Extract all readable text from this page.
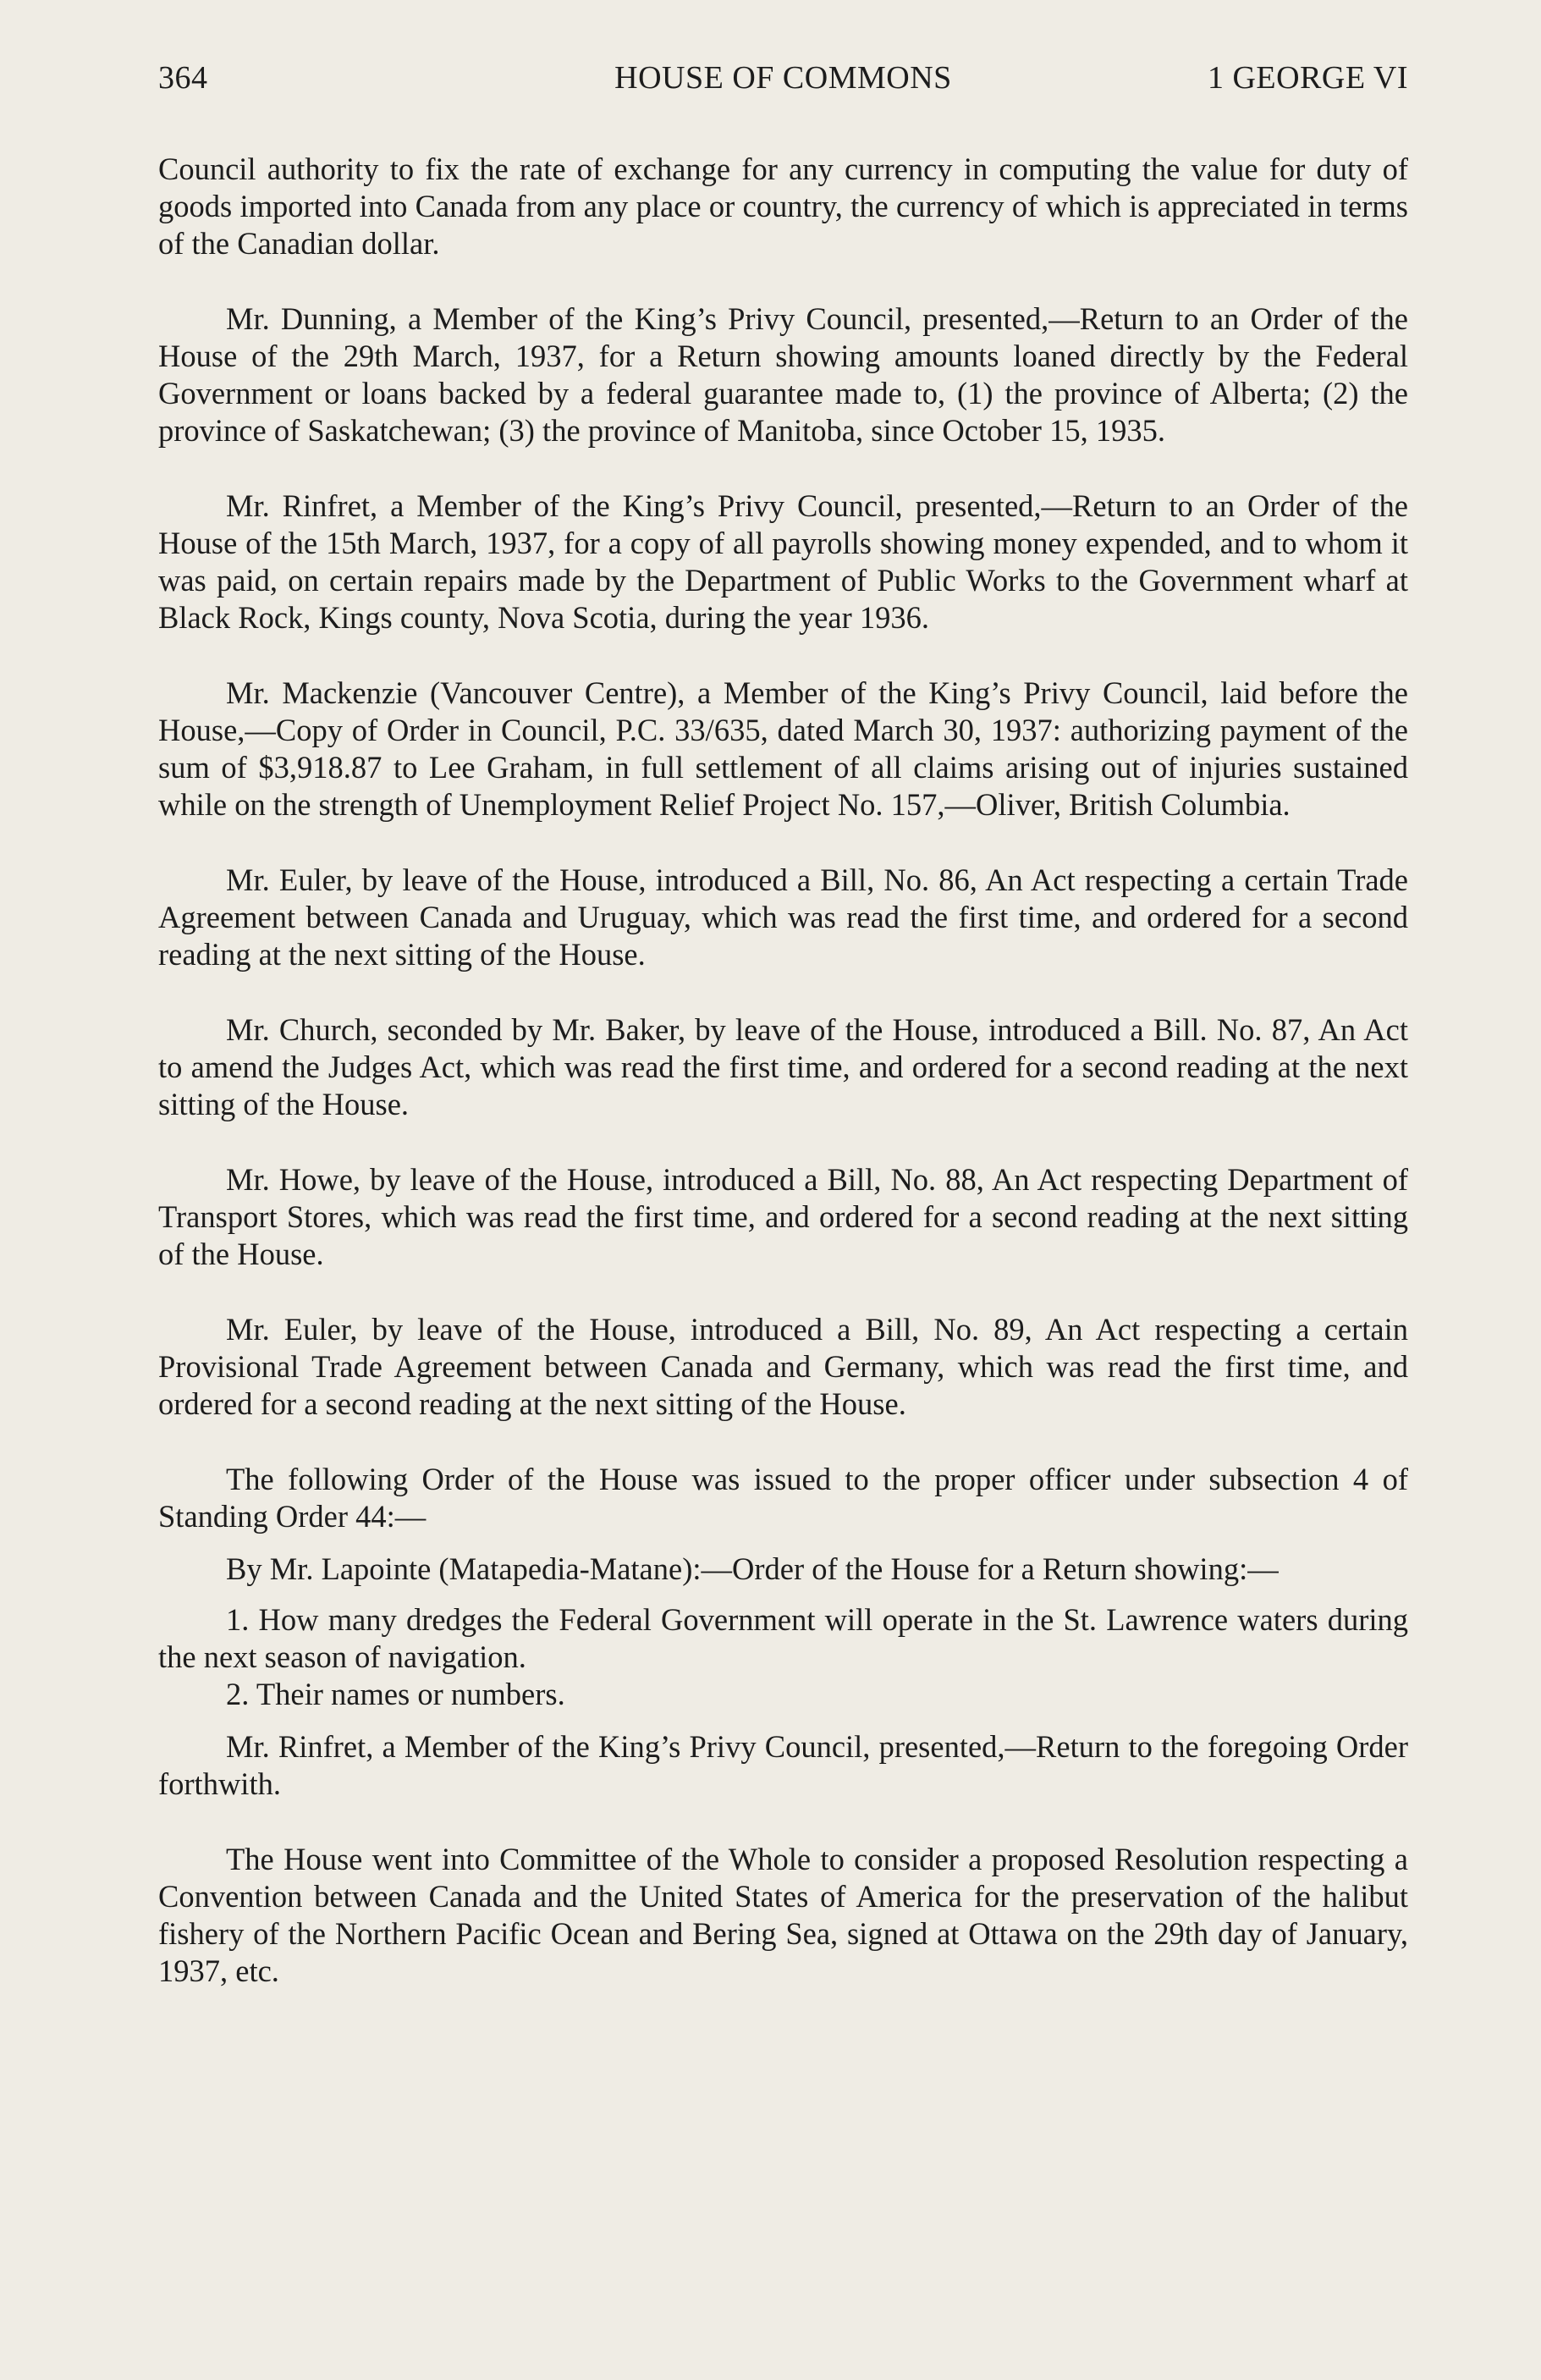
364	HOUSE OF COMMONS	1 GEORGE VI

Council authority to fix the rate of exchange for any currency in computing the value for duty of goods imported into Canada from any place or country, the currency of which is appreciated in terms of the Canadian dollar.

Mr. Dunning, a Member of the King’s Privy Council, presented,—Return to an Order of the House of the 29th March, 1937, for a Return showing amounts loaned directly by the Federal Government or loans backed by a federal guarantee made to, (1) the province of Alberta; (2) the province of Saskatchewan; (3) the province of Manitoba, since October 15, 1935.

Mr. Rinfret, a Member of the King’s Privy Council, presented,—Return to an Order of the House of the 15th March, 1937, for a copy of all payrolls showing money expended, and to whom it was paid, on certain repairs made by the Department of Public Works to the Government wharf at Black Rock, Kings county, Nova Scotia, during the year 1936.

Mr. Mackenzie (Vancouver Centre), a Member of the King’s Privy Council, laid before the House,—Copy of Order in Council, P.C. 33/635, dated March 30, 1937: authorizing payment of the sum of $3,918.87 to Lee Graham, in full settlement of all claims arising out of injuries sustained while on the strength of Unemployment Relief Project No. 157,—Oliver, British Columbia.

Mr. Euler, by leave of the House, introduced a Bill, No. 86, An Act respecting a certain Trade Agreement between Canada and Uruguay, which was read the first time, and ordered for a second reading at the next sitting of the House.

Mr. Church, seconded by Mr. Baker, by leave of the House, introduced a Bill. No. 87, An Act to amend the Judges Act, which was read the first time, and ordered for a second reading at the next sitting of the House.

Mr. Howe, by leave of the House, introduced a Bill, No. 88, An Act respecting Department of Transport Stores, which was read the first time, and ordered for a second reading at the next sitting of the House.

Mr. Euler, by leave of the House, introduced a Bill, No. 89, An Act respecting a certain Provisional Trade Agreement between Canada and Germany, which was read the first time, and ordered for a second reading at the next sitting of the House.

The following Order of the House was issued to the proper officer under subsection 4 of Standing Order 44:—

By Mr. Lapointe (Matapedia-Matane):—Order of the House for a Return showing:—

1. How many dredges the Federal Government will operate in the St. Lawrence waters during the next season of navigation.

2. Their names or numbers.

Mr. Rinfret, a Member of the King’s Privy Council, presented,—Return to the foregoing Order forthwith.

The House went into Committee of the Whole to consider a proposed Resolution respecting a Convention between Canada and the United States of America for the preservation of the halibut fishery of the Northern Pacific Ocean and Bering Sea, signed at Ottawa on the 29th day of January, 1937, etc.
